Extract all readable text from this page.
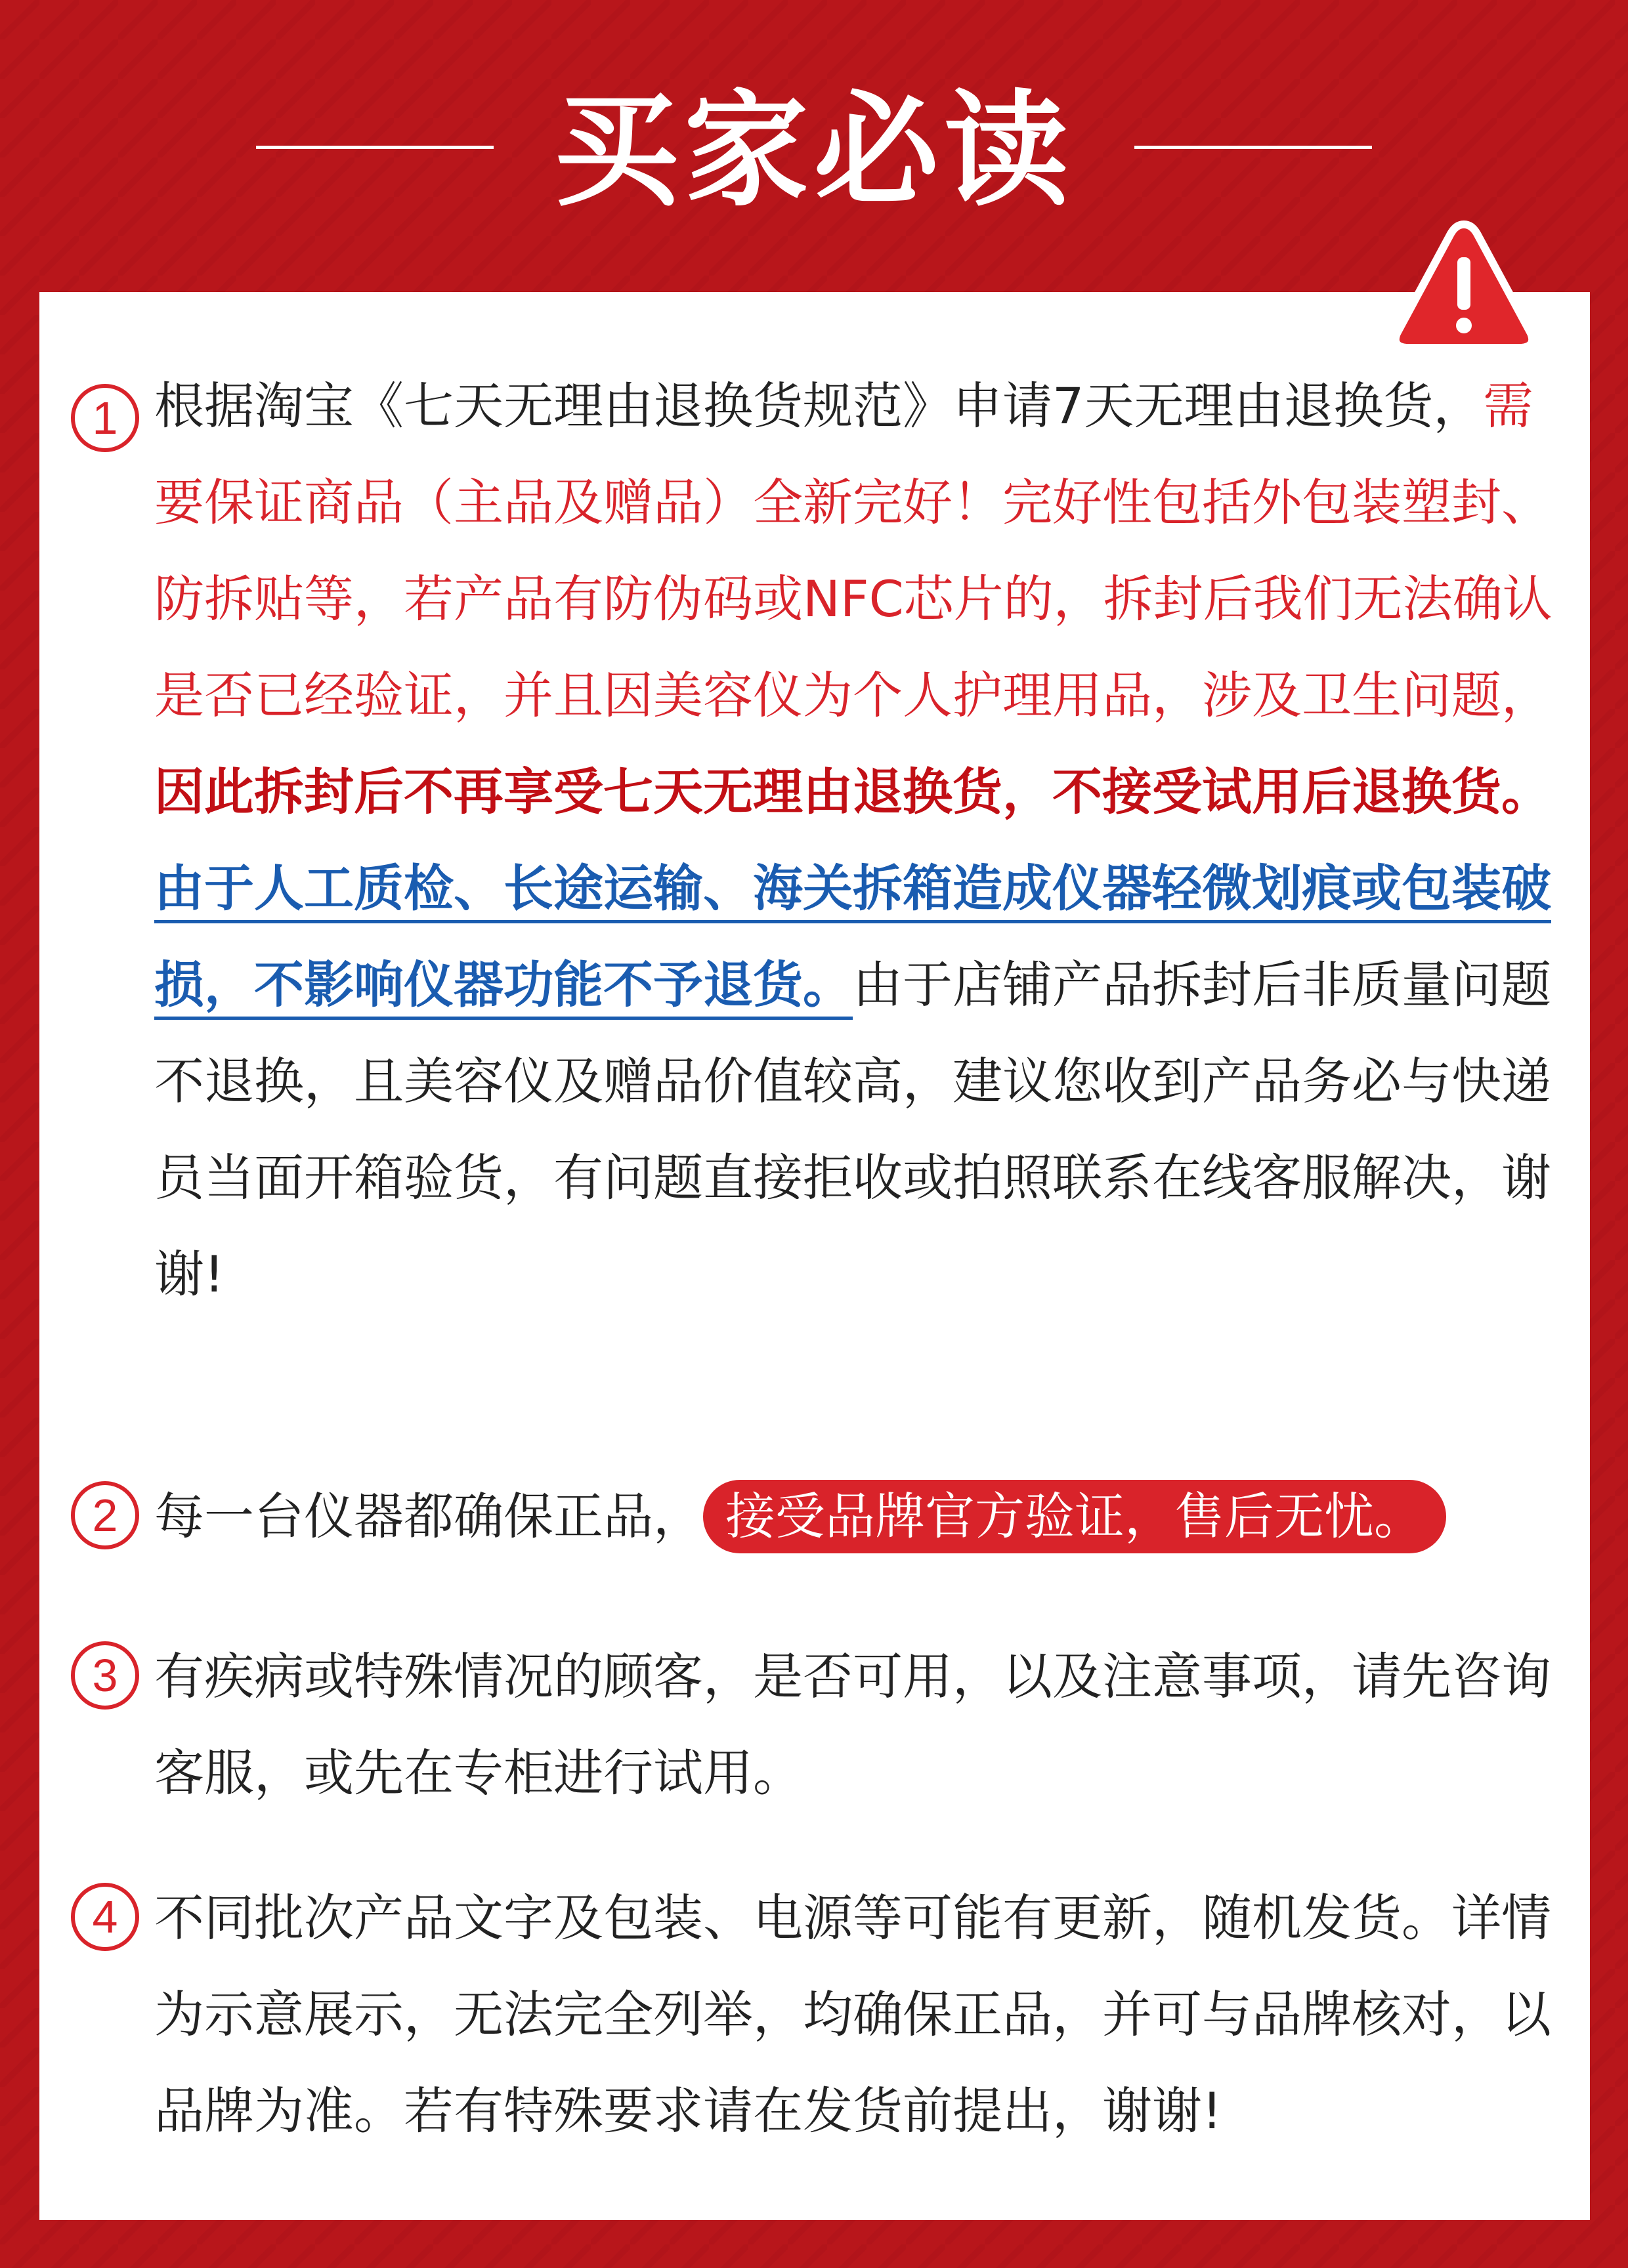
买家必读
1 根据淘宝《七天无理由退换货规范》申请7天无理由退换货，需要保证商品（主品及赠品）全新完好！完好性包括外包装塑封、防拆贴等，若产品有防伪码或NFC芯片的，拆封后我们无法确认是否已经验证，并且因美容仪为个人护理用品，涉及卫生问题，因此拆封后不再享受七天无理由退换货，不接受试用后退换货。
由于人工质检、长途运输、海关拆箱造成仪器轻微划痕或包装破损，不影响仪器功能不予退货。由于店铺产品拆封后非质量问题不退换，且美容仪及赠品价值较高，建议您收到产品务必与快递员当面开箱验货，有问题直接拒收或拍照联系在线客服解决，谢谢!
2 每一台仪器都确保正品， 接受品牌官方验证，售后无忧。
3 有疾病或特殊情况的顾客，是否可用，以及注意事项，请先咨询客服，或先在专柜进行试用。
4 不同批次产品文字及包装、电源等可能有更新，随机发货。详情为示意展示，无法完全列举，均确保正品，并可与品牌核对，以品牌为准。若有特殊要求请在发货前提出，谢谢!
